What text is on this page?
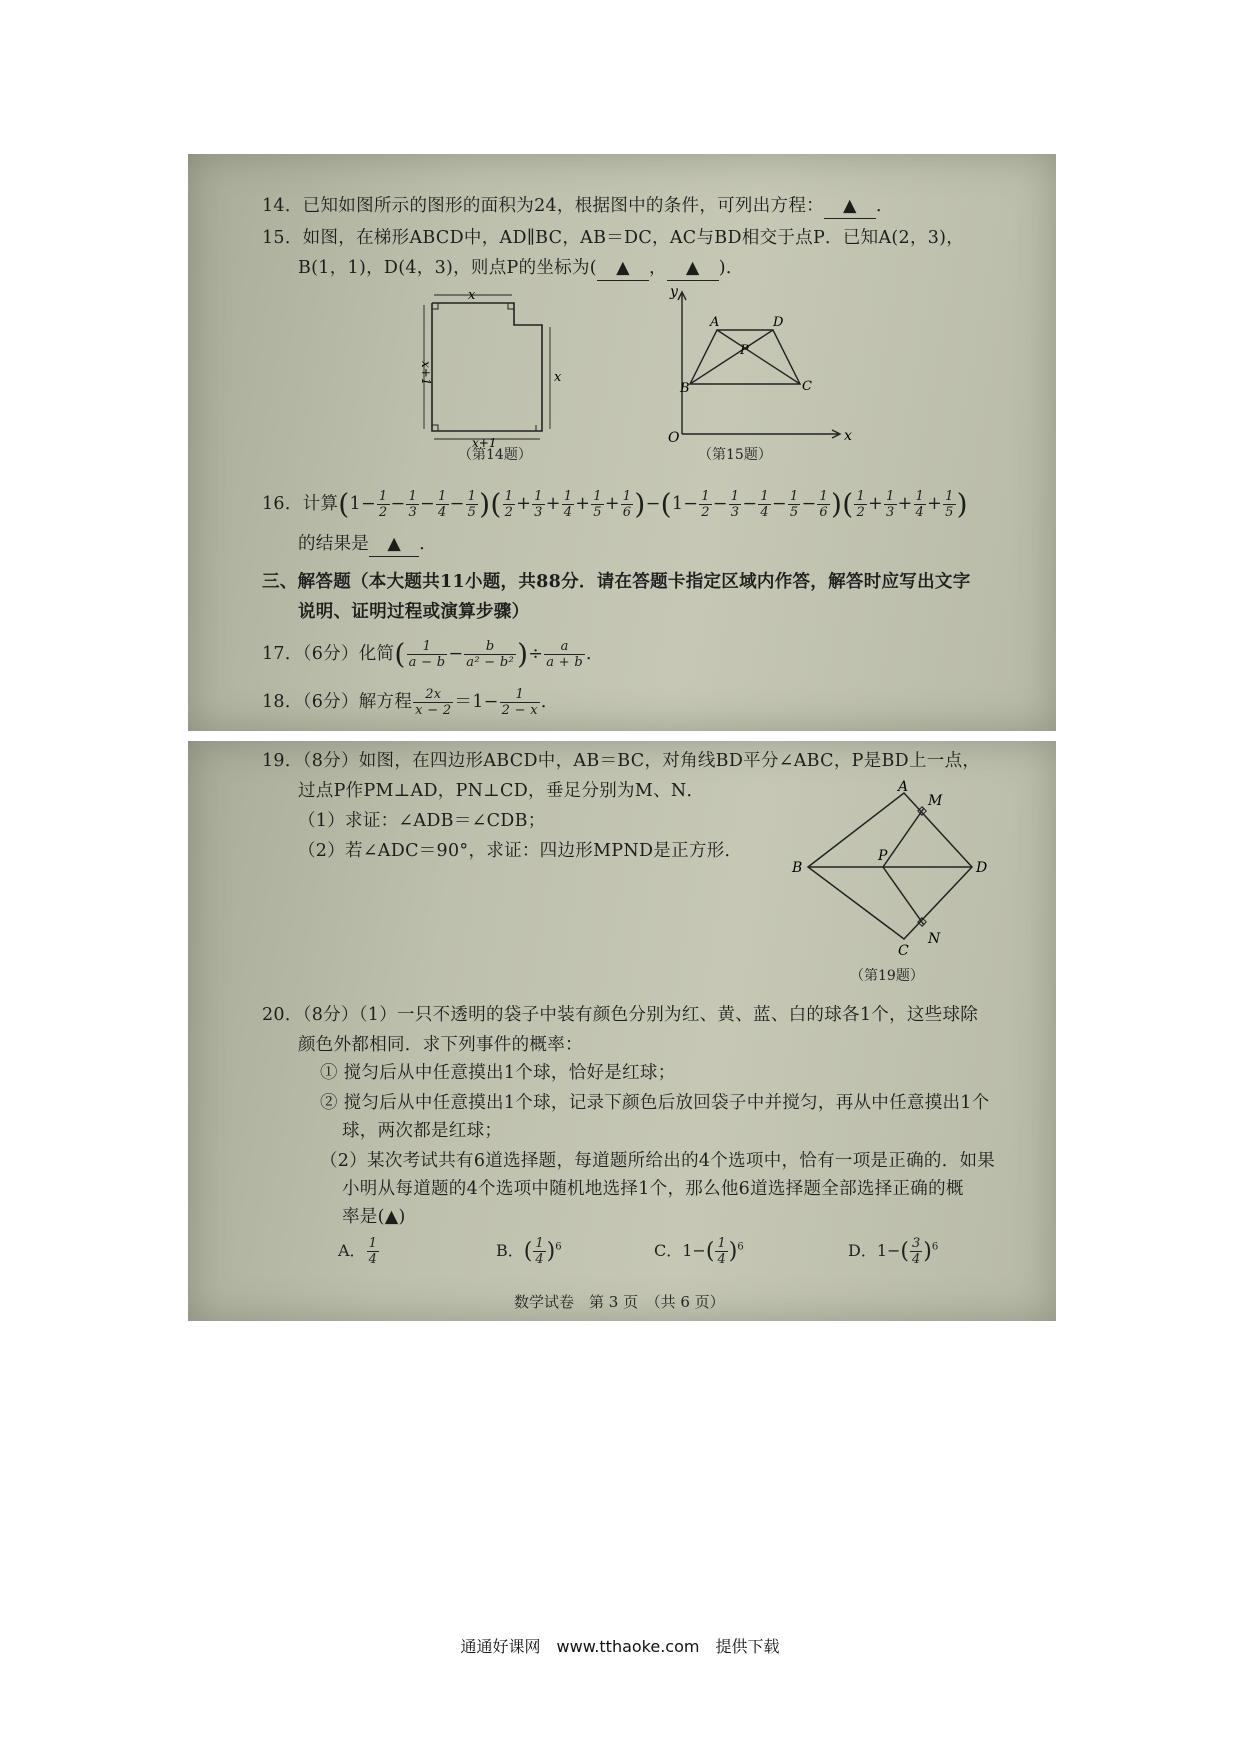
14．已知如图所示的图形的面积为24，根据图中的条件，可列出方程： ▲ ．
15．如图，在梯形ABCD中，AD∥BC，AB＝DC，AC与BD相交于点P．已知A(2，3)，
B(1，1)，D(4，3)，则点P的坐标为( ▲ ， ▲ )．
x
x+1	x
x+1
（第14题）
y
x
O
A	D
P
B	C
（第15题）
16．计算($1- \frac{1}{2} - \frac{1}{3} - \frac{1}{4} - \frac{1}{5}$ )( $\frac{1}{2} + \frac{1}{3} + \frac{1}{4} + \frac{1}{5} + \frac{1}{6} )-(1- \frac{1}{2} - \frac{1}{3} - \frac{1}{4} - \frac{1}{5} - \frac{1}{6}$ )( $\frac{1}{2} + \frac{1}{3} + \frac{1}{4} + \frac{1}{5}$ )
的结果是 ▲ ．
三、解答题（本大题共11小题，共88分．请在答题卡指定区域内作答，解答时应写出文字
说明、证明过程或演算步骤）
17．（6分）化简( $\frac{1}{a - b} - \frac{b}{\text{a² − b²}}$ )÷ $\frac{a}{a + b}$ ．
18．（6分）解方程 $\frac{2x}{x - 2} =1- \frac{1}{2 - x}$ ．
19．（8分）如图，在四边形ABCD中，AB＝BC，对角线BD平分∠ABC，P是BD上一点，
过点P作PM⊥AD，PN⊥CD，垂足分别为M、N．
（1）求证：∠ADB＝∠CDB；
（2）若∠ADC＝90°，求证：四边形MPND是正方形．
A
M
B
P
D
N
C
（第19题）
20．（8分）（1）一只不透明的袋子中装有颜色分别为红、黄、蓝、白的球各1个，这些球除
颜色外都相同．求下列事件的概率：
① 搅匀后从中任意摸出1个球，恰好是红球；
② 搅匀后从中任意摸出1个球，记录下颜色后放回袋子中并搅匀，再从中任意摸出1个
球，两次都是红球；
（2）某次考试共有6道选择题，每道题所给出的4个选项中，恰有一项是正确的．如果
小明从每道题的4个选项中随机地选择1个，那么他6道选择题全部选择正确的概
率是(▲)
A． $\frac{1}{4}$	B．( $\frac{1}{4} )^6$	C．$1-( \frac{1}{4} )^6$	D．$1-( \frac{3}{4} )^6$
数学试卷　第 3 页　（共 6 页）
通通好课网　www.tthaoke.com　提供下载
